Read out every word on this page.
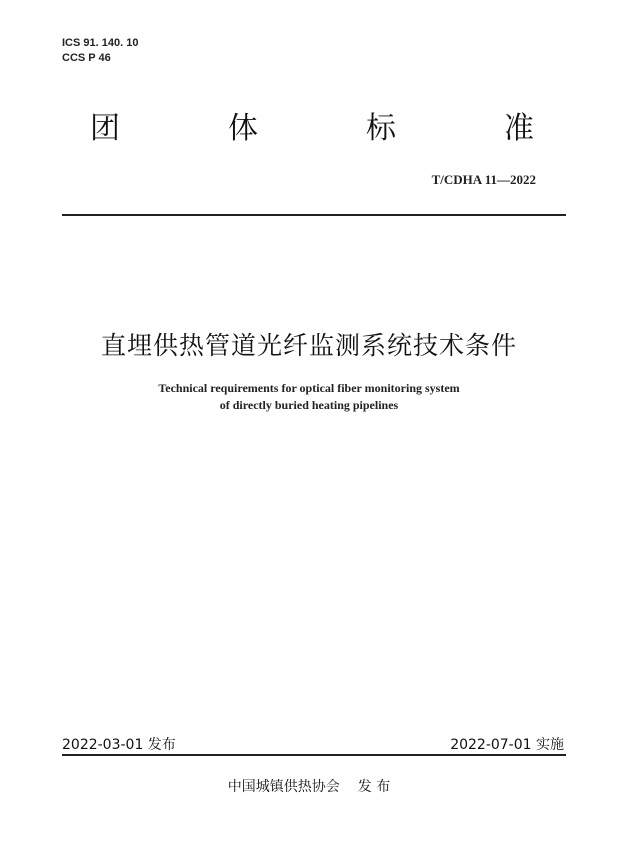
ICS 91. 140. 10
CCS P 46
团	体	标	准
T/CDHA 11—2022
直埋供热管道光纤监测系统技术条件
Technical requirements for optical fiber monitoring system
of directly buried heating pipelines
2022-03-01 发布	2022-07-01 实施
中国城镇供热协会 发 布
